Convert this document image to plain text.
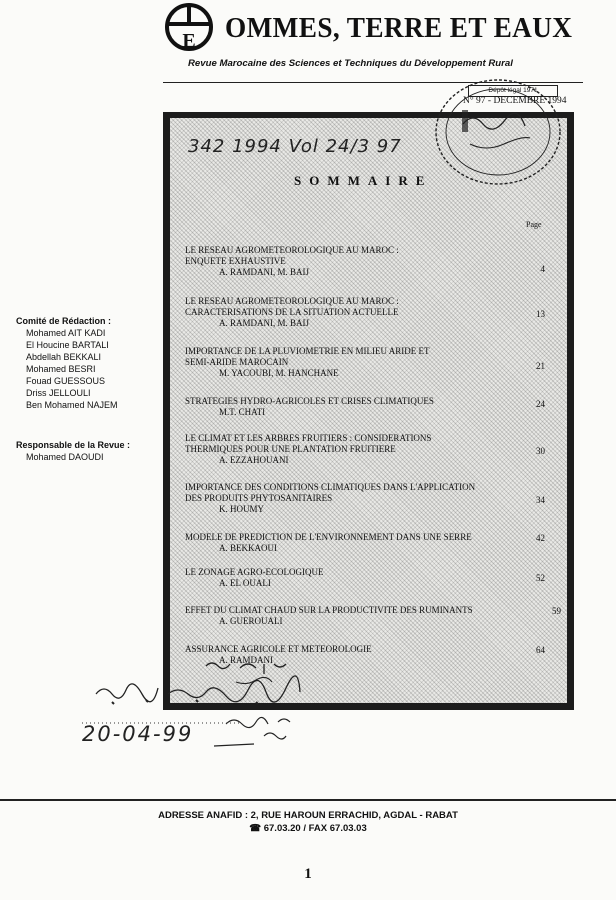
E OMMES, TERRE ET EAUX
Revue Marocaine des Sciences et Techniques du Développement Rural
Dépôt légal 1971
N° 97 - DECEMBRE 1994
342 1994 Vol 24/3 97
SOMMAIRE
Page
LE RESEAU AGROMETEOROLOGIQUE AU MAROC :
ENQUETE EXHAUSTIVE
A. RAMDANI, M. BAIJ	4
LE RESEAU AGROMETEOROLOGIQUE AU MAROC :
CARACTERISATIONS DE LA SITUATION ACTUELLE
A. RAMDANI, M. BAIJ
13
IMPORTANCE DE LA PLUVIOMETRIE EN MILIEU ARIDE ET
SEMI-ARIDE MAROCAIN
M. YACOUBI, M. HANCHANE
21
STRATEGIES HYDRO-AGRICOLES ET CRISES CLIMATIQUES
M.T. CHATI
24
LE CLIMAT ET LES ARBRES FRUITIERS : CONSIDERATIONS
THERMIQUES POUR UNE PLANTATION FRUITIERE
A. EZZAHOUANI
30
IMPORTANCE DES CONDITIONS CLIMATIQUES DANS L'APPLICATION
DES PRODUITS PHYTOSANITAIRES
K. HOUMY
34
MODELE DE PREDICTION DE L'ENVIRONNEMENT DANS UNE SERRE
A. BEKKAOUI
42
LE ZONAGE AGRO-ECOLOGIQUE
A. EL OUALI	52
EFFET DU CLIMAT CHAUD SUR LA PRODUCTIVITE DES RUMINANTS
A. GUEROUALI
59
ASSURANCE AGRICOLE ET METEOROLOGIE
A. RAMDANI
64
Comité de Rédaction :
Mohamed AIT KADI
El Houcine BARTALI
Abdellah BEKKALI
Mohamed BESRI
Fouad GUESSOUS
Driss JELLOULI
Ben Mohamed NAJEM
Responsable de la Revue :
Mohamed DAOUDI
20-04-99
ADRESSE ANAFID : 2, RUE HAROUN ERRACHID, AGDAL - RABAT
☎ 67.03.20 / FAX 67.03.03
1
